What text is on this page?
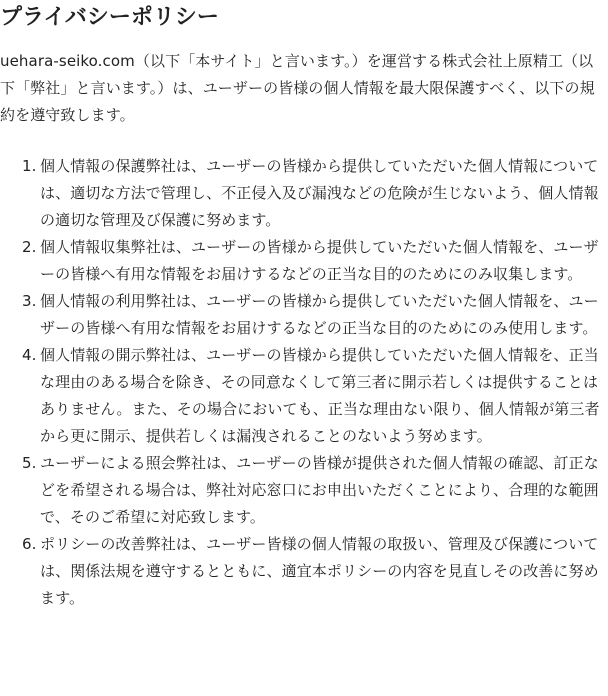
プライバシーポリシー

uehara-seiko.com（以下「本サイト」と言います。）を運営する株式会社上原精工（以下「弊社」と言います。）は、ユーザーの皆様の個人情報を最大限保護すべく、以下の規約を遵守致します。

個人情報の保護弊社は、ユーザーの皆様から提供していただいた個人情報については、適切な方法で管理し、不正侵入及び漏洩などの危険が生じないよう、個人情報の適切な管理及び保護に努めます。
個人情報収集弊社は、ユーザーの皆様から提供していただいた個人情報を、ユーザーの皆様へ有用な情報をお届けするなどの正当な目的のためにのみ収集します。
個人情報の利用弊社は、ユーザーの皆様から提供していただいた個人情報を、ユーザーの皆様へ有用な情報をお届けするなどの正当な目的のためにのみ使用します。
個人情報の開示弊社は、ユーザーの皆様から提供していただいた個人情報を、正当な理由のある場合を除き、その同意なくして第三者に開示若しくは提供することはありません。また、その場合においても、正当な理由ない限り、個人情報が第三者から更に開示、提供若しくは漏洩されることのないよう努めます。
ユーザーによる照会弊社は、ユーザーの皆様が提供された個人情報の確認、訂正などを希望される場合は、弊社対応窓口にお申出いただくことにより、合理的な範囲で、そのご希望に対応致します。
ポリシーの改善弊社は、ユーザー皆様の個人情報の取扱い、管理及び保護については、関係法規を遵守するとともに、適宜本ポリシーの内容を見直しその改善に努めます。
